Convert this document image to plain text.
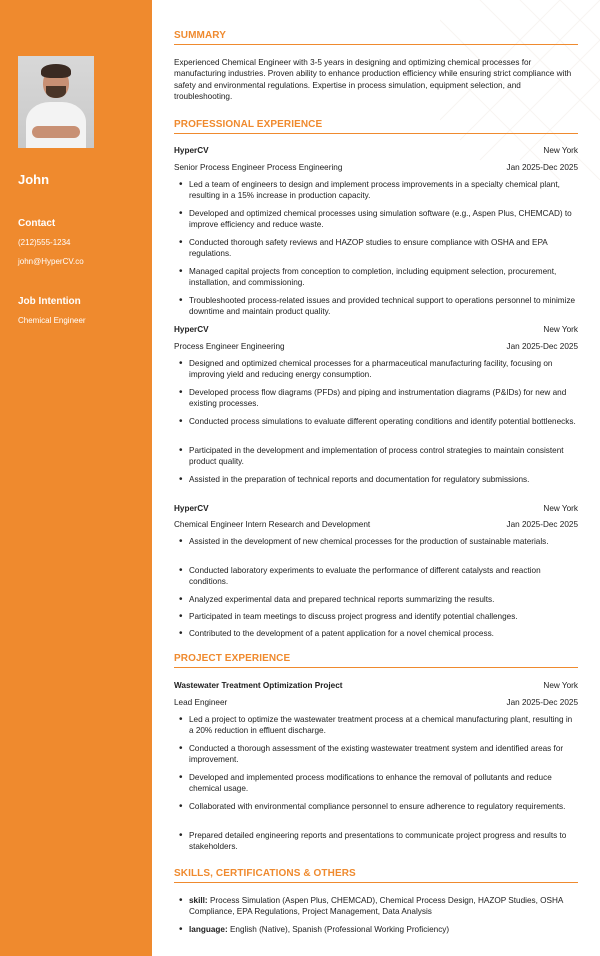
John
Contact
(212)555-1234
john@HyperCV.co
Job Intention
Chemical Engineer
SUMMARY
Experienced Chemical Engineer with 3-5 years in designing and optimizing chemical processes for manufacturing industries. Proven ability to enhance production efficiency while ensuring strict compliance with safety and environmental regulations. Expertise in process simulation, equipment selection, and troubleshooting.
PROFESSIONAL EXPERIENCE
HyperCV	New York
Senior Process Engineer Process Engineering	Jan 2025-Dec 2025
• Led a team of engineers to design and implement process improvements in a specialty chemical plant, resulting in a 15% increase in production capacity.
• Developed and optimized chemical processes using simulation software (e.g., Aspen Plus, CHEMCAD) to improve efficiency and reduce waste.
• Conducted thorough safety reviews and HAZOP studies to ensure compliance with OSHA and EPA regulations.
• Managed capital projects from conception to completion, including equipment selection, procurement, installation, and commissioning.
• Troubleshooted process-related issues and provided technical support to operations personnel to minimize downtime and maintain product quality.
HyperCV	New York
Process Engineer Engineering	Jan 2025-Dec 2025
• Designed and optimized chemical processes for a pharmaceutical manufacturing facility, focusing on improving yield and reducing energy consumption.
• Developed process flow diagrams (PFDs) and piping and instrumentation diagrams (P&IDs) for new and existing processes.
• Conducted process simulations to evaluate different operating conditions and identify potential bottlenecks.
• Participated in the development and implementation of process control strategies to maintain consistent product quality.
• Assisted in the preparation of technical reports and documentation for regulatory submissions.
HyperCV	New York
Chemical Engineer Intern Research and Development	Jan 2025-Dec 2025
• Assisted in the development of new chemical processes for the production of sustainable materials.
• Conducted laboratory experiments to evaluate the performance of different catalysts and reaction conditions.
• Analyzed experimental data and prepared technical reports summarizing the results.
• Participated in team meetings to discuss project progress and identify potential challenges.
• Contributed to the development of a patent application for a novel chemical process.
PROJECT EXPERIENCE
Wastewater Treatment Optimization Project	New York
Lead Engineer	Jan 2025-Dec 2025
• Led a project to optimize the wastewater treatment process at a chemical manufacturing plant, resulting in a 20% reduction in effluent discharge.
• Conducted a thorough assessment of the existing wastewater treatment system and identified areas for improvement.
• Developed and implemented process modifications to enhance the removal of pollutants and reduce chemical usage.
• Collaborated with environmental compliance personnel to ensure adherence to regulatory requirements.
• Prepared detailed engineering reports and presentations to communicate project progress and results to stakeholders.
SKILLS, CERTIFICATIONS & OTHERS
• skill: Process Simulation (Aspen Plus, CHEMCAD), Chemical Process Design, HAZOP Studies, OSHA Compliance, EPA Regulations, Project Management, Data Analysis
• language: English (Native), Spanish (Professional Working Proficiency)
